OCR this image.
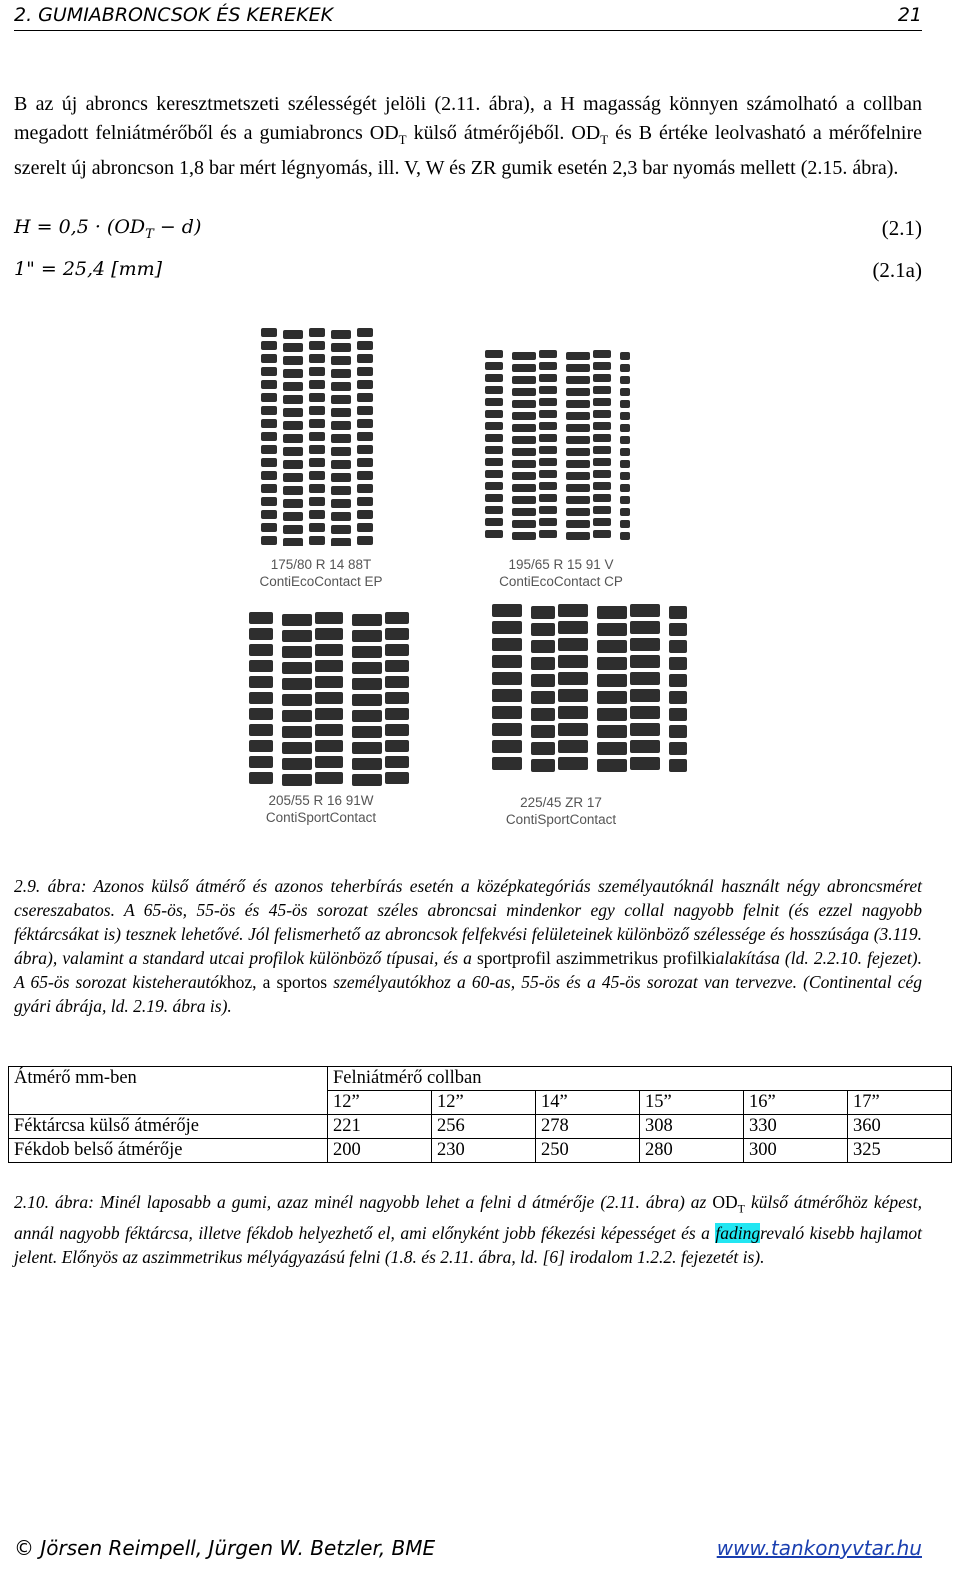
2. GUMIABRONCSOK ÉS KEREKEK	21
B az új abroncs keresztmetszeti szélességét jelöli (2.11. ábra), a H magasság könnyen számolható a collban megadott felniátmérőből és a gumiabroncs $OD_T$ külső átmérőjéből. $OD_T$ és B értéke leolvasható a mérőfelnire szerelt új abroncson 1,8 bar mért légnyomás, ill. V, W és ZR gumik esetén 2,3 bar nyomás mellett (2.15. ábra).
$H = 0,5 \cdot (OD_T - d)$	(2.1)
1" = 25,4 [mm]	(2.1a)
175/80 R 14 88T
ContiEcoContact EP
195/65 R 15 91 V
ContiEcoContact CP
205/55 R 16 91W
ContiSportContact
225/45 ZR 17
ContiSportContact
2.9. ábra: Azonos külső átmérő és azonos teherbírás esetén a középkategóriás személyautóknál használt négy abroncsméret csereszabatos. A 65-ös, 55-ös és 45-ös sorozat széles abroncsai mindenkor egy collal nagyobb felnit (és ezzel nagyobb féktárcsákat is) tesznek lehetővé. Jól felismerhető az abroncsok felfekvési felületeinek különböző szélessége és hosszúsága (3.119. ábra), valamint a standard utcai profilok különböző típusai, és a sportprofil aszimmetrikus profilkialakítása (ld. 2.2.10. fejezet). A 65-ös sorozat kisteherautókhoz, a sportos személyautókhoz a 60-as, 55-ös és a 45-ös sorozat van tervezve. (Continental cég gyári ábrája, ld. 2.19. ábra is).
Átmérő mm-ben	Felniátmérő collban					
	12”	12”	14”	15”	16”	17”
Féktárcsa külső átmérője	221	256	278	308	330	360
Fékdob belső átmérője	200	230	250	280	300	325
2.10. ábra: Minél laposabb a gumi, azaz minél nagyobb lehet a felni d átmérője (2.11. ábra) az $OD_T$ külső átmérőhöz képest, annál nagyobb féktárcsa, illetve fékdob helyezhető el, ami előnyként jobb fékezési képességet és a fadingrevaló kisebb hajlamot jelent. Előnyös az aszimmetrikus mélyágyazású felni (1.8. és 2.11. ábra, ld. [6] irodalom 1.2.2. fejezetét is).
© Jörsen Reimpell, Jürgen W. Betzler, BME	www.tankonyvtar.hu
